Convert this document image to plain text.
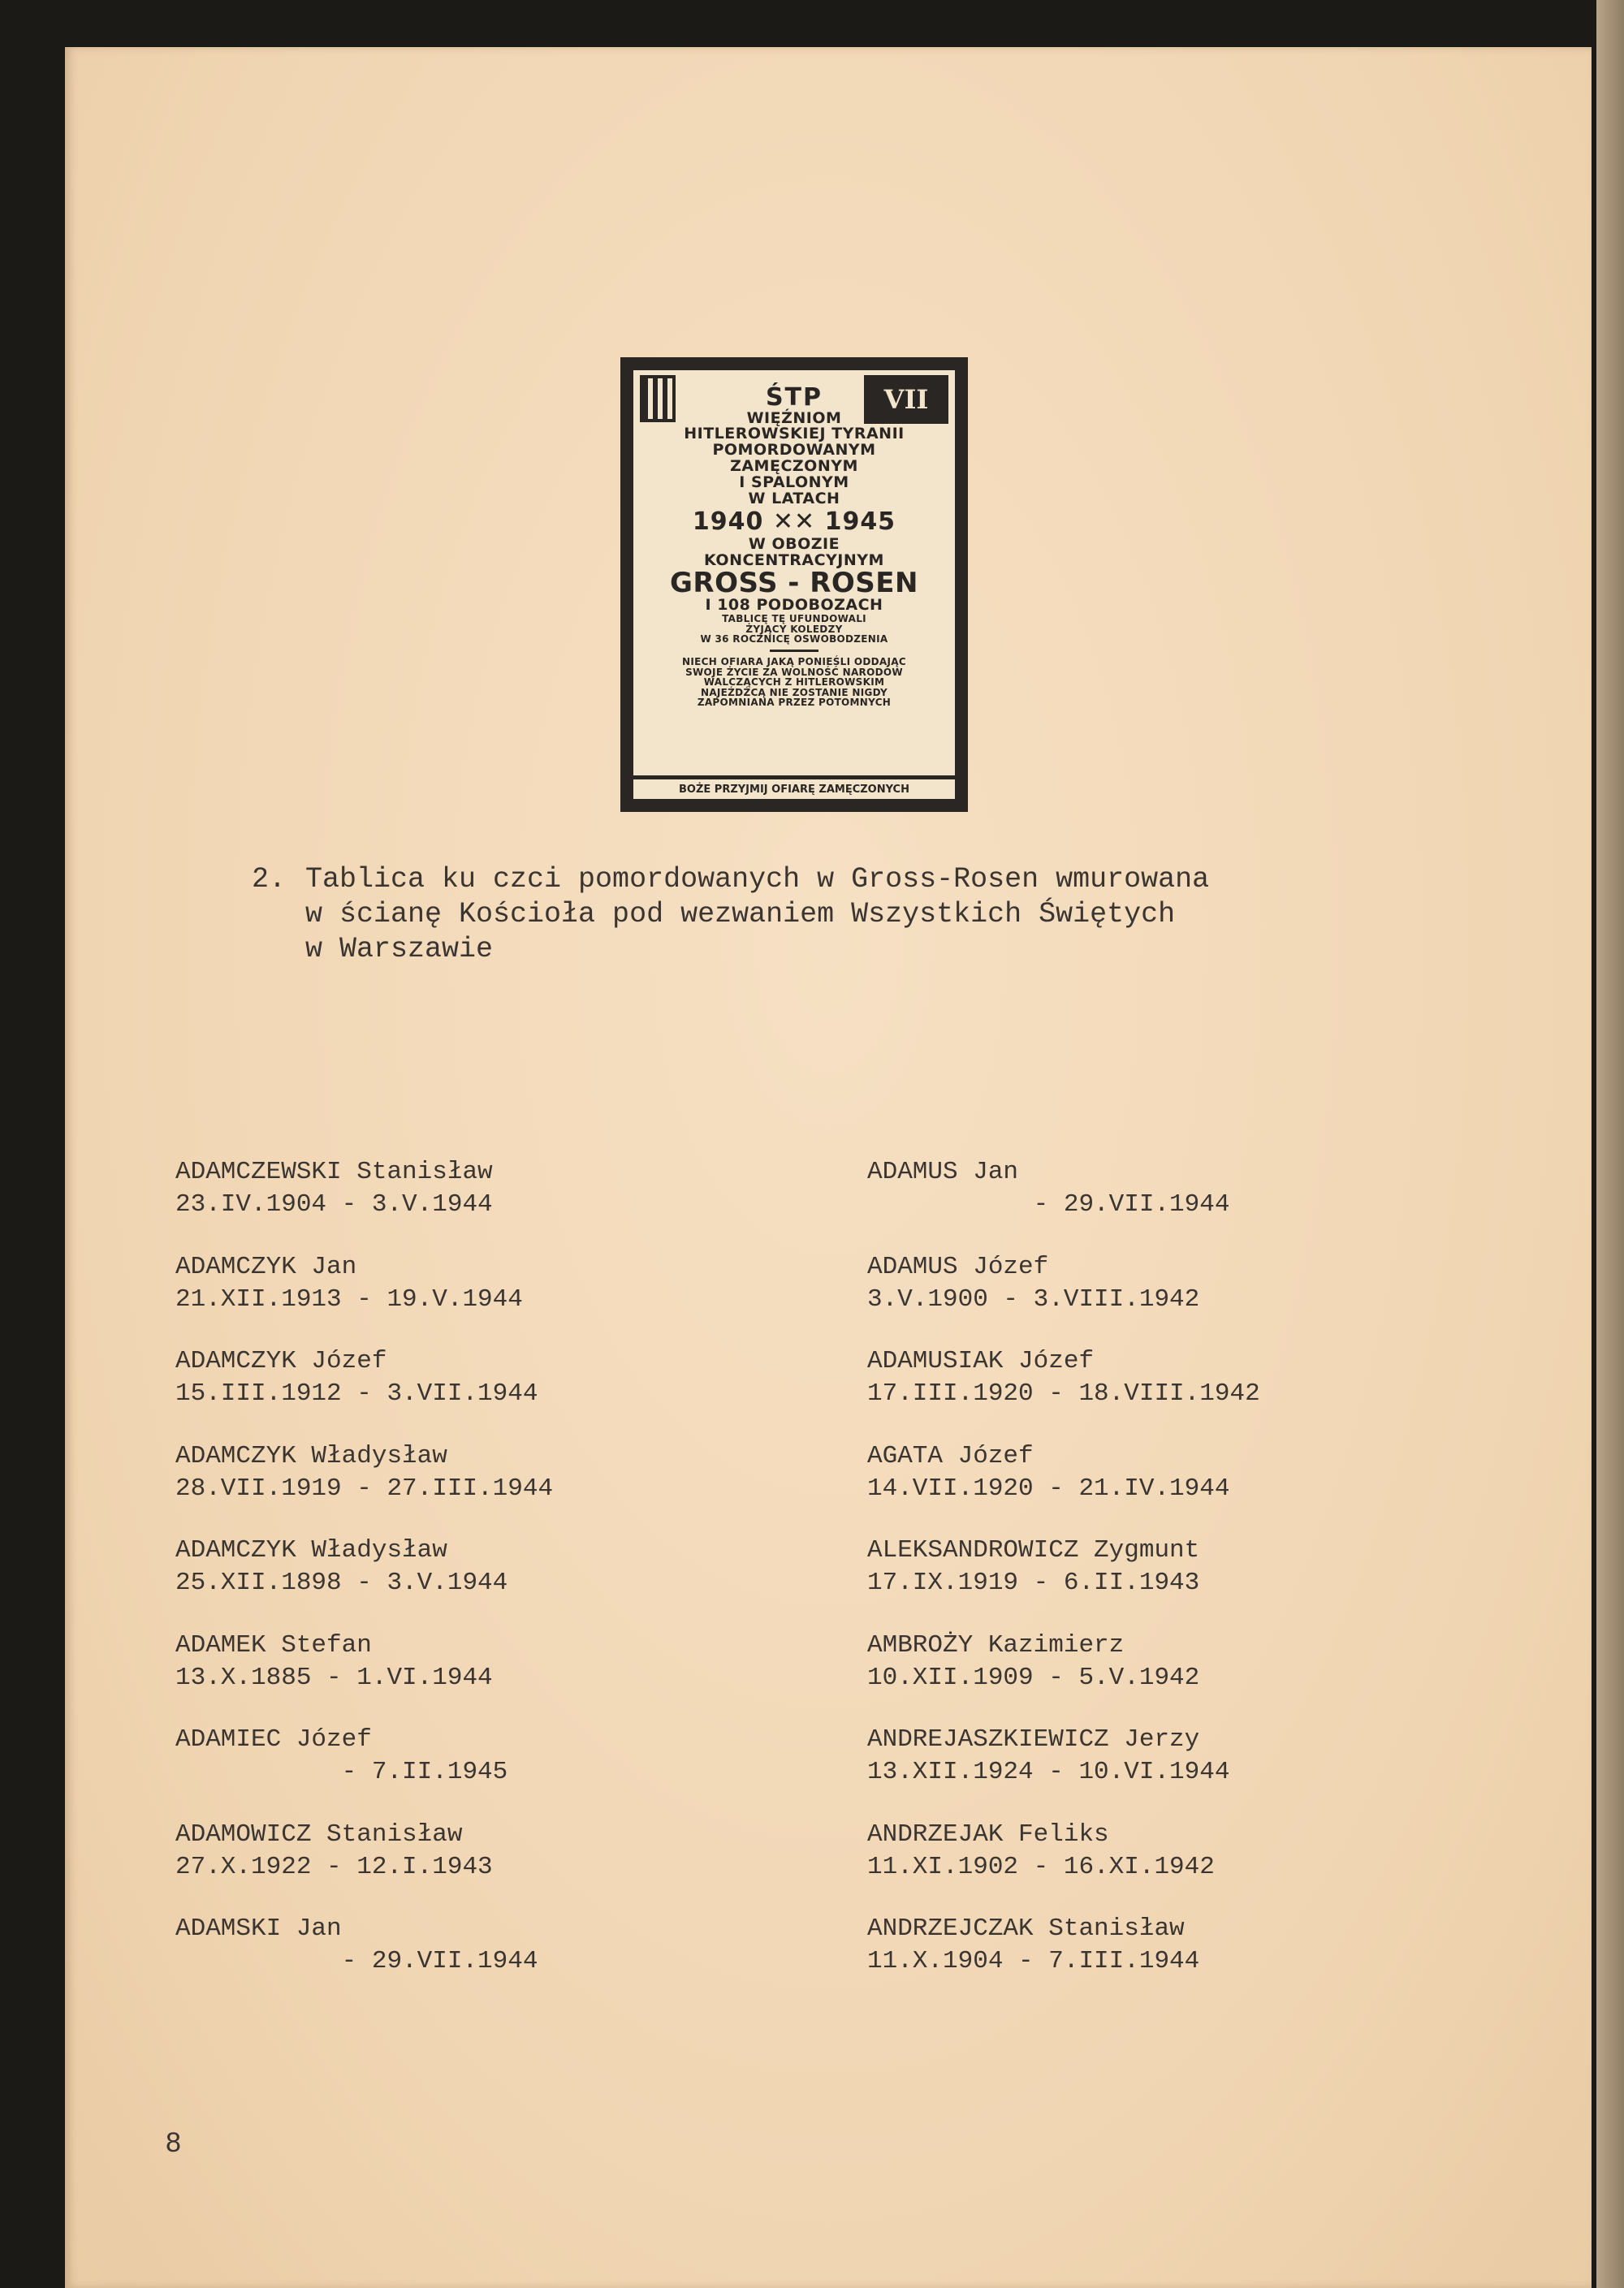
VII
ŚTP
WIĘŹNIOM
HITLEROWSKIEJ TYRANII
POMORDOWANYM
ZAMĘCZONYM
I SPALONYM
W LATACH
1940 ✕✕ 1945
W OBOZIE
KONCENTRACYJNYM
GROSS - ROSEN
I 108 PODOBOZACH
TABLICĘ TĘ UFUNDOWALI
ŻYJĄCY KOLEDZY
W 36 ROCZNICĘ OSWOBODZENIA
NIECH OFIARA JAKĄ PONIEŚLI ODDAJĄC
SWOJE ŻYCIE ZA WOLNOŚĆ NARODÓW
WALCZĄCYCH Z HITLEROWSKIM
NAJEŹDŹCĄ NIE ZOSTANIE NIGDY
ZAPOMNIANA PRZEZ POTOMNYCH
BOŻE PRZYJMIJ OFIARĘ ZAMĘCZONYCH
2. Tablica ku czci pomordowanych w Gross-Rosen wmurowana
w ścianę Kościoła pod wezwaniem Wszystkich Świętych
w Warszawie
ADAMCZEWSKI Stanisław
23.IV.1904 - 3.V.1944
ADAMCZYK Jan
21.XII.1913 - 19.V.1944
ADAMCZYK Józef
15.III.1912 - 3.VII.1944
ADAMCZYK Władysław
28.VII.1919 - 27.III.1944
ADAMCZYK Władysław
25.XII.1898 - 3.V.1944
ADAMEK Stefan
13.X.1885 - 1.VI.1944
ADAMIEC Józef
- 7.II.1945
ADAMOWICZ Stanisław
27.X.1922 - 12.I.1943
ADAMSKI Jan
- 29.VII.1944
ADAMUS Jan
- 29.VII.1944
ADAMUS Józef
3.V.1900 - 3.VIII.1942
ADAMUSIAK Józef
17.III.1920 - 18.VIII.1942
AGATA Józef
14.VII.1920 - 21.IV.1944
ALEKSANDROWICZ Zygmunt
17.IX.1919 - 6.II.1943
AMBROŻY Kazimierz
10.XII.1909 - 5.V.1942
ANDREJASZKIEWICZ Jerzy
13.XII.1924 - 10.VI.1944
ANDRZEJAK Feliks
11.XI.1902 - 16.XI.1942
ANDRZEJCZAK Stanisław
11.X.1904 - 7.III.1944
8
